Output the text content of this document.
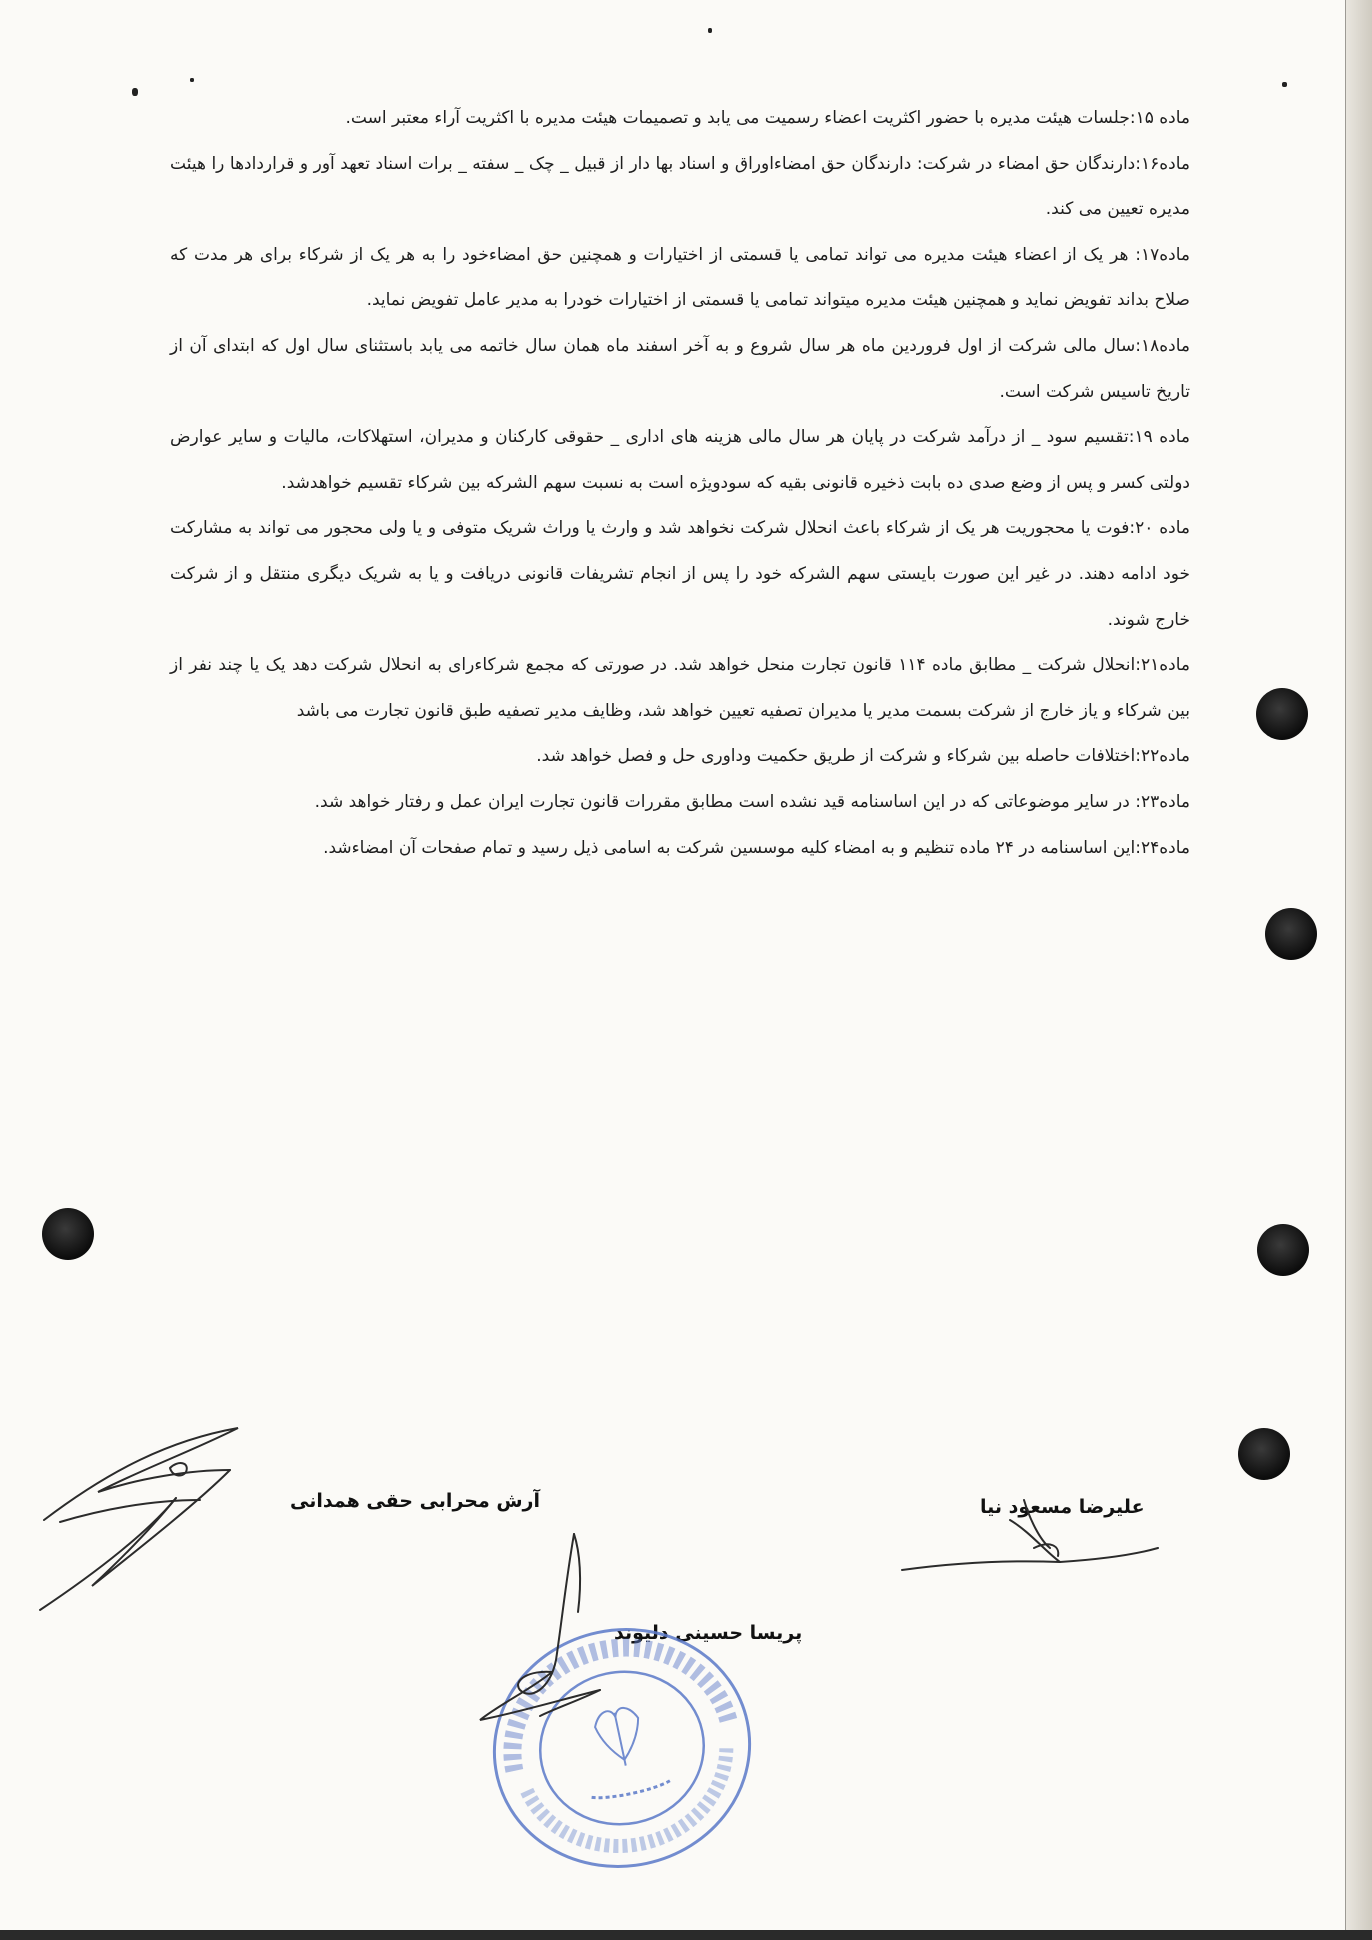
ماده ۱۵:جلسات هیئت مدیره با حضور اکثریت اعضاء رسمیت می یابد و تصمیمات هیئت مدیره با اکثریت آراء معتبر است.

ماده۱۶:دارندگان حق امضاء در شرکت: دارندگان حق امضاءاوراق و اسناد بها دار از قبیل _ چک _ سفته _ برات اسناد تعهد آور و قراردادها را هیئت مدیره تعیین می کند.

ماده۱۷: هر یک از اعضاء هیئت مدیره می تواند تمامی یا قسمتی از اختیارات و همچنین حق امضاءخود را به هر یک از شرکاء برای هر مدت که صلاح بداند تفویض نماید و همچنین هیئت مدیره میتواند تمامی یا قسمتی از اختیارات خودرا به مدیر عامل تفویض نماید.

ماده۱۸:سال مالی شرکت از اول فروردین ماه هر سال شروع و به آخر اسفند ماه همان سال خاتمه می یابد باستثنای سال اول که ابتدای آن از تاریخ تاسیس شرکت است.

ماده ۱۹:تقسیم سود _ از درآمد شرکت در پایان هر سال مالی هزینه های اداری _ حقوقی کارکنان و مدیران، استهلاکات، مالیات و سایر عوارض دولتی کسر و پس از وضع صدی ده بابت ذخیره قانونی بقیه که سودویژه است به نسبت سهم الشرکه بین شرکاء تقسیم خواهدشد.

ماده ۲۰:فوت یا محجوریت هر یک از شرکاء باعث انحلال شرکت نخواهد شد و وارث یا وراث شریک متوفی و یا ولی محجور می تواند به مشارکت خود ادامه دهند. در غیر این صورت بایستی سهم الشرکه خود را پس از انجام تشریفات قانونی دریافت و یا به شریک دیگری منتقل و از شرکت خارج شوند.

ماده۲۱:انحلال شرکت _ مطابق ماده ۱۱۴ قانون تجارت منحل خواهد شد. در صورتی که مجمع شرکاءرای به انحلال شرکت دهد یک یا چند نفر از بین شرکاء و یاز خارج از شرکت بسمت مدیر یا مدیران تصفیه تعیین خواهد شد، وظایف مدیر تصفیه طبق قانون تجارت می باشد

ماده۲۲:اختلافات حاصله بین شرکاء و شرکت از طریق حکمیت وداوری حل و فصل خواهد شد.

ماده۲۳: در سایر موضوعاتی که در این اساسنامه قید نشده است مطابق مقررات قانون تجارت ایران عمل و رفتار خواهد شد.

ماده۲۴:این اساسنامه در ۲۴ ماده تنظیم و به امضاء کلیه موسسین شرکت به اسامی ذیل رسید و تمام صفحات آن امضاءشد.

آرش محرابی حقی همدانی	علیرضا مسعود نیا
پریسا حسینی دلیوند
